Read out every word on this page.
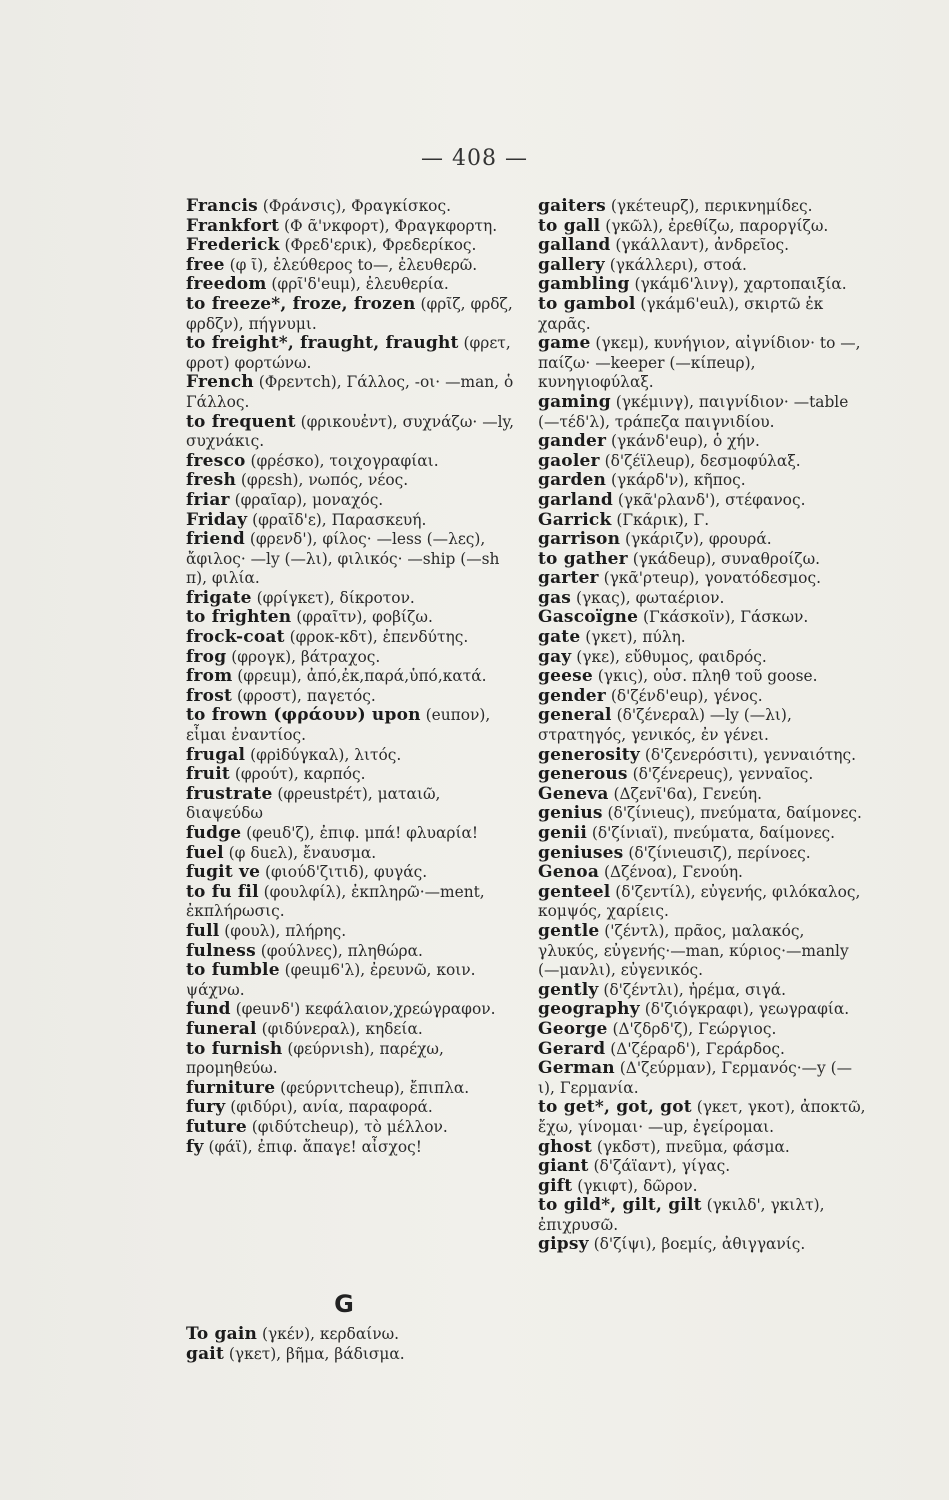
— 408 —

Francis (Φράνσις), Φραγκίσκος.

Frankfort (Φ ᾶ'νκφορτ), Φραγκφορτη.

Frederick (Φρεδ'ερικ), Φρεδερίκος.

free (φ ῖ), ἐλεύθερος to—, ἐλευθερῶ.

freedom (φρῖ'δ'euμ), ἐλευθερία.

to freeze*, froze, frozen (φρῖζ, φρδζ, φρδζν), πήγνυμι.

to freight*, fraught, fraught (φρετ, φροτ) φορτώνω.

French (Φρεντch), Γάλλος, -οι· —man, ὁ Γάλλος.

to frequent (φρικουἐντ), συχνάζω· —ly, συχνάκις.

fresco (φρέσκο), τοιχογραφίαι.

fresh (φρεsh), νωπός, νέος.

friar (φραῖαρ), μοναχός.

Friday (φραῖδ'ε), Παρασκευή.

friend (φρενδ'), φίλος· —less (—λες), ἄφιλος· —ly (—λι), φιλικός· —ship (—sh π), φιλία.

frigate (φρίγκετ), δίκροτον.

to frighten (φραῖτν), φοβίζω.

frock-coat (φροκ-κδτ), ἐπενδύτης.

frog (φρογκ), βάτραχος.

from (φρεuμ), ἀπό,ἐκ,παρά,ὑπό,κατά.

frost (φροστ), παγετός.

to frown (φράουν) upon (euπον), εἶμαι ἐναντίος.

frugal (φρiδύγκαλ), λιτός.

fruit (φρούτ), καρπός.

frustrate (φρeustρέτ), ματαιῶ, διαψεύδω

fudge (φeuδ'ζ), ἐπιφ. μπά! φλυαρία!

fuel (φ δuελ), ἔναυσμα.

fugit ve (φιούδ'ζιτιδ), φυγάς.

to fu fil (φουλφίλ), ἐκπληρῶ·—ment, ἐκπλήρωσις.

full (φουλ), πλήρης.

fulness (φούλνες), πληθώρα.

to fumble (φeuμ6'λ), ἐρευνῶ, κοιν. ψάχνω.

fund (φeuνδ') κεφάλαιον,χρεώγραφον.

funeral (φιδύνεραλ), κηδεία.

to furnish (φεύρνιsh), παρέχω, προμηθεύω.

furniture (φεύρνιτcheuρ), ἔπιπλα.

fury (φιδύρι), ανία, παραφορά.

future (φιδύτcheuρ), τὸ μέλλον.

fy (φάϊ), ἐπιφ. ἄπαγε! αἶσχος!

gaiters (γκέτeuρζ), περικνημίδες.

to gall (γκῶλ), ἐρεθίζω, παροργίζω.

galland (γκάλλαντ), ἀνδρεῖος.

gallery (γκάλλερι), στοά.

gambling (γκάμ6'λινγ), χαρτοπαιξία.

to gambol (γκάμ6'euλ), σκιρτῶ ἐκ χαρᾶς.

game (γκεμ), κυνήγιον, αἰγνίδιον· to —, παίζω· —keeper (—κίπeuρ), κυνηγιοφύλαξ.

gaming (γκέμινγ), παιγνίδιον· —table (—τέδ'λ), τράπεζα παιγνιδίου.

gander (γκάνδ'euρ), ὁ χήν.

gaoler (δ'ζέϊλeuρ), δεσμοφύλαξ.

garden (γκάρδ'ν), κῆπος.

garland (γκᾶ'ρλανδ'), στέφανος.

Garrick (Γκάρικ), Γ.

garrison (γκάριζν), φρουρά.

to gather (γκάδeuρ), συναθροίζω.

garter (γκᾶ'ρτeuρ), γονατόδεσμος.

gas (γκας), φωταέριον.

Gascoïgne (Γκάσκοϊν), Γάσκων.

gate (γκετ), πύλη.

gay (γκε), εὔθυμος, φαιδρός.

geese (γκις), οὐσ. πληθ τοῦ goose.

gender (δ'ζένδ'euρ), γένος.

general (δ'ζένεραλ) —ly (—λι), στρατηγός, γενικός, ἐν γένει.

generosity (δ'ζενερόσιτι), γενναιότης.

generous (δ'ζένερeuς), γενναῖος.

Geneva (Δζενῖ'6α), Γενεύη.

genius (δ'ζίνιeuς), πνεύματα, δαίμονες.

genii (δ'ζίνιαϊ), πνεύματα, δαίμονες.

geniuses (δ'ζίνιeuσιζ), περίνοες.

Genoa (Δζένοα), Γενούη.

genteel (δ'ζεντίλ), εὐγενής, φιλόκαλος, κομψός, χαρίεις.

gentle ('ζέντλ), πρᾶος, μαλακός, γλυκύς, εὐγενής·—man, κύριος·—manly (—μανλι), εὐγενικός.

gently (δ'ζέντλι), ἠρέμα, σιγά.

geography (δ'ζιόγκραφι), γεωγραφία.

George (Δ'ζδρδ'ζ), Γεώργιος.

Gerard (Δ'ζέραρδ'), Γεράρδος.

German (Δ'ζεύρμαν), Γερμανός·—y (—ι), Γερμανία.

to get*, got, got (γκετ, γκοτ), ἀποκτῶ, ἔχω, γίνομαι· —up, ἐγείρομαι.

ghost (γκδστ), πνεῦμα, φάσμα.

giant (δ'ζάϊαντ), γίγας.

gift (γκιφτ), δῶρον.

to gild*, gilt, gilt (γκιλδ', γκιλτ), ἐπιχρυσῶ.

gipsy (δ'ζίψι), βοεμίς, ἀθιγγανίς.

G

To gain (γκέν), κερδαίνω.

gait (γκετ), βῆμα, βάδισμα.
